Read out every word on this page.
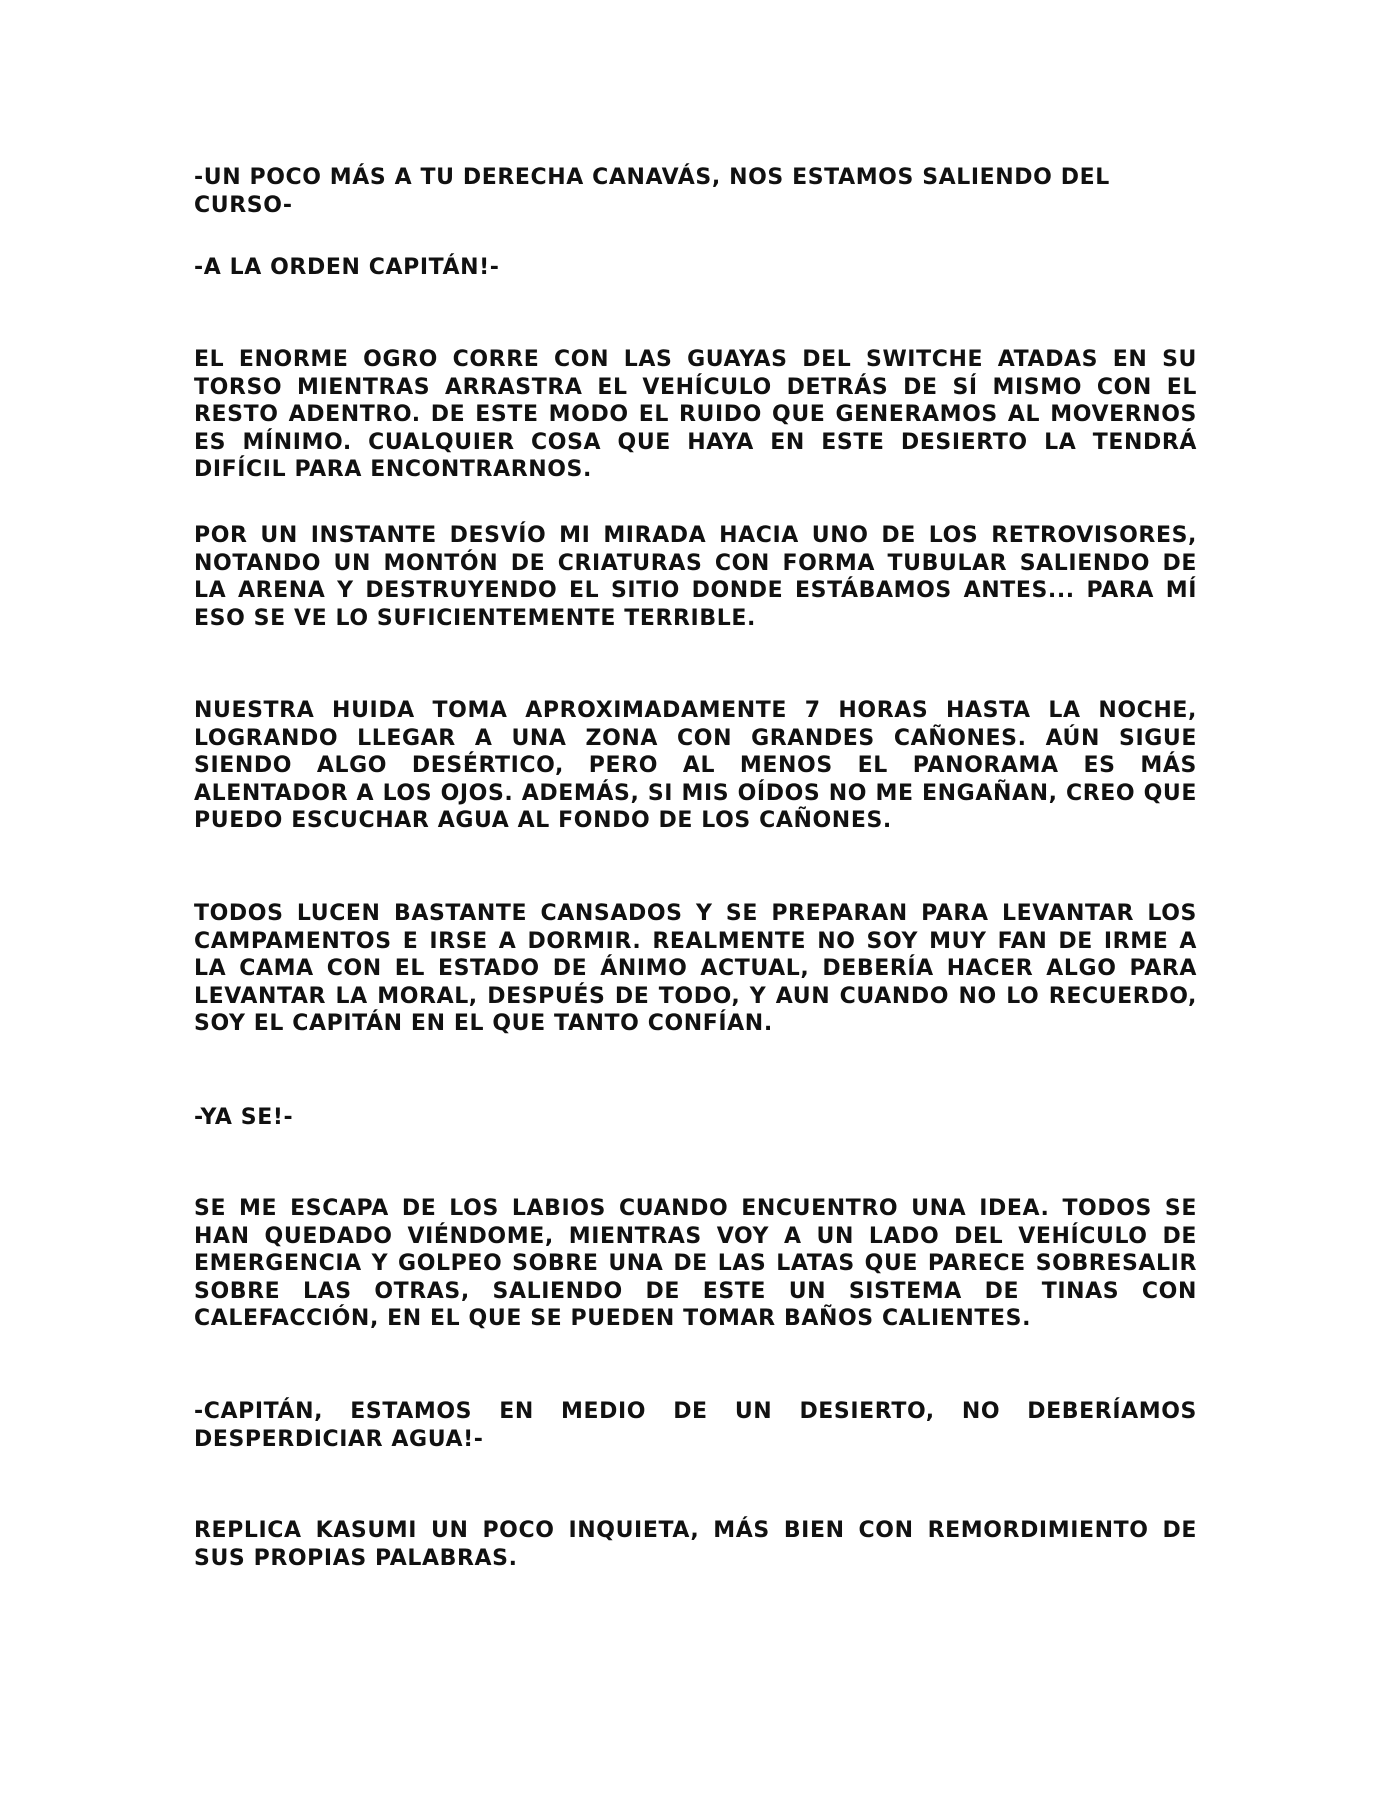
-UN POCO MÁS A TU DERECHA CANAVÁS, NOS ESTAMOS SALIENDO DEL CURSO-

-A LA ORDEN CAPITÁN!-

EL ENORME OGRO CORRE CON LAS GUAYAS DEL SWITCHE ATADAS EN SU TORSO MIENTRAS ARRASTRA EL VEHÍCULO DETRÁS DE SÍ MISMO CON EL RESTO ADENTRO. DE ESTE MODO EL RUIDO QUE GENERAMOS AL MOVERNOS ES MÍNIMO. CUALQUIER COSA QUE HAYA EN ESTE DESIERTO LA TENDRÁ DIFÍCIL PARA ENCONTRARNOS.

POR UN INSTANTE DESVÍO MI MIRADA HACIA UNO DE LOS RETROVISORES, NOTANDO UN MONTÓN DE CRIATURAS CON FORMA TUBULAR SALIENDO DE LA ARENA Y DESTRUYENDO EL SITIO DONDE ESTÁBAMOS ANTES... PARA MÍ ESO SE VE LO SUFICIENTEMENTE TERRIBLE.

NUESTRA HUIDA TOMA APROXIMADAMENTE 7 HORAS HASTA LA NOCHE, LOGRANDO LLEGAR A UNA ZONA CON GRANDES CAÑONES. AÚN SIGUE SIENDO ALGO DESÉRTICO, PERO AL MENOS EL PANORAMA ES MÁS ALENTADOR A LOS OJOS. ADEMÁS, SI MIS OÍDOS NO ME ENGAÑAN, CREO QUE PUEDO ESCUCHAR AGUA AL FONDO DE LOS CAÑONES.

TODOS LUCEN BASTANTE CANSADOS Y SE PREPARAN PARA LEVANTAR LOS CAMPAMENTOS E IRSE A DORMIR. REALMENTE NO SOY MUY FAN DE IRME A LA CAMA CON EL ESTADO DE ÁNIMO ACTUAL, DEBERÍA HACER ALGO PARA LEVANTAR LA MORAL, DESPUÉS DE TODO, Y AUN CUANDO NO LO RECUERDO, SOY EL CAPITÁN EN EL QUE TANTO CONFÍAN.

-YA SE!-

SE ME ESCAPA DE LOS LABIOS CUANDO ENCUENTRO UNA IDEA. TODOS SE HAN QUEDADO VIÉNDOME, MIENTRAS VOY A UN LADO DEL VEHÍCULO DE EMERGENCIA Y GOLPEO SOBRE UNA DE LAS LATAS QUE PARECE SOBRESALIR SOBRE LAS OTRAS, SALIENDO DE ESTE UN SISTEMA DE TINAS CON CALEFACCIÓN, EN EL QUE SE PUEDEN TOMAR BAÑOS CALIENTES.

-CAPITÁN, ESTAMOS EN MEDIO DE UN DESIERTO, NO DEBERÍAMOS DESPERDICIAR AGUA!-

REPLICA KASUMI UN POCO INQUIETA, MÁS BIEN CON REMORDIMIENTO DE SUS PROPIAS PALABRAS.
